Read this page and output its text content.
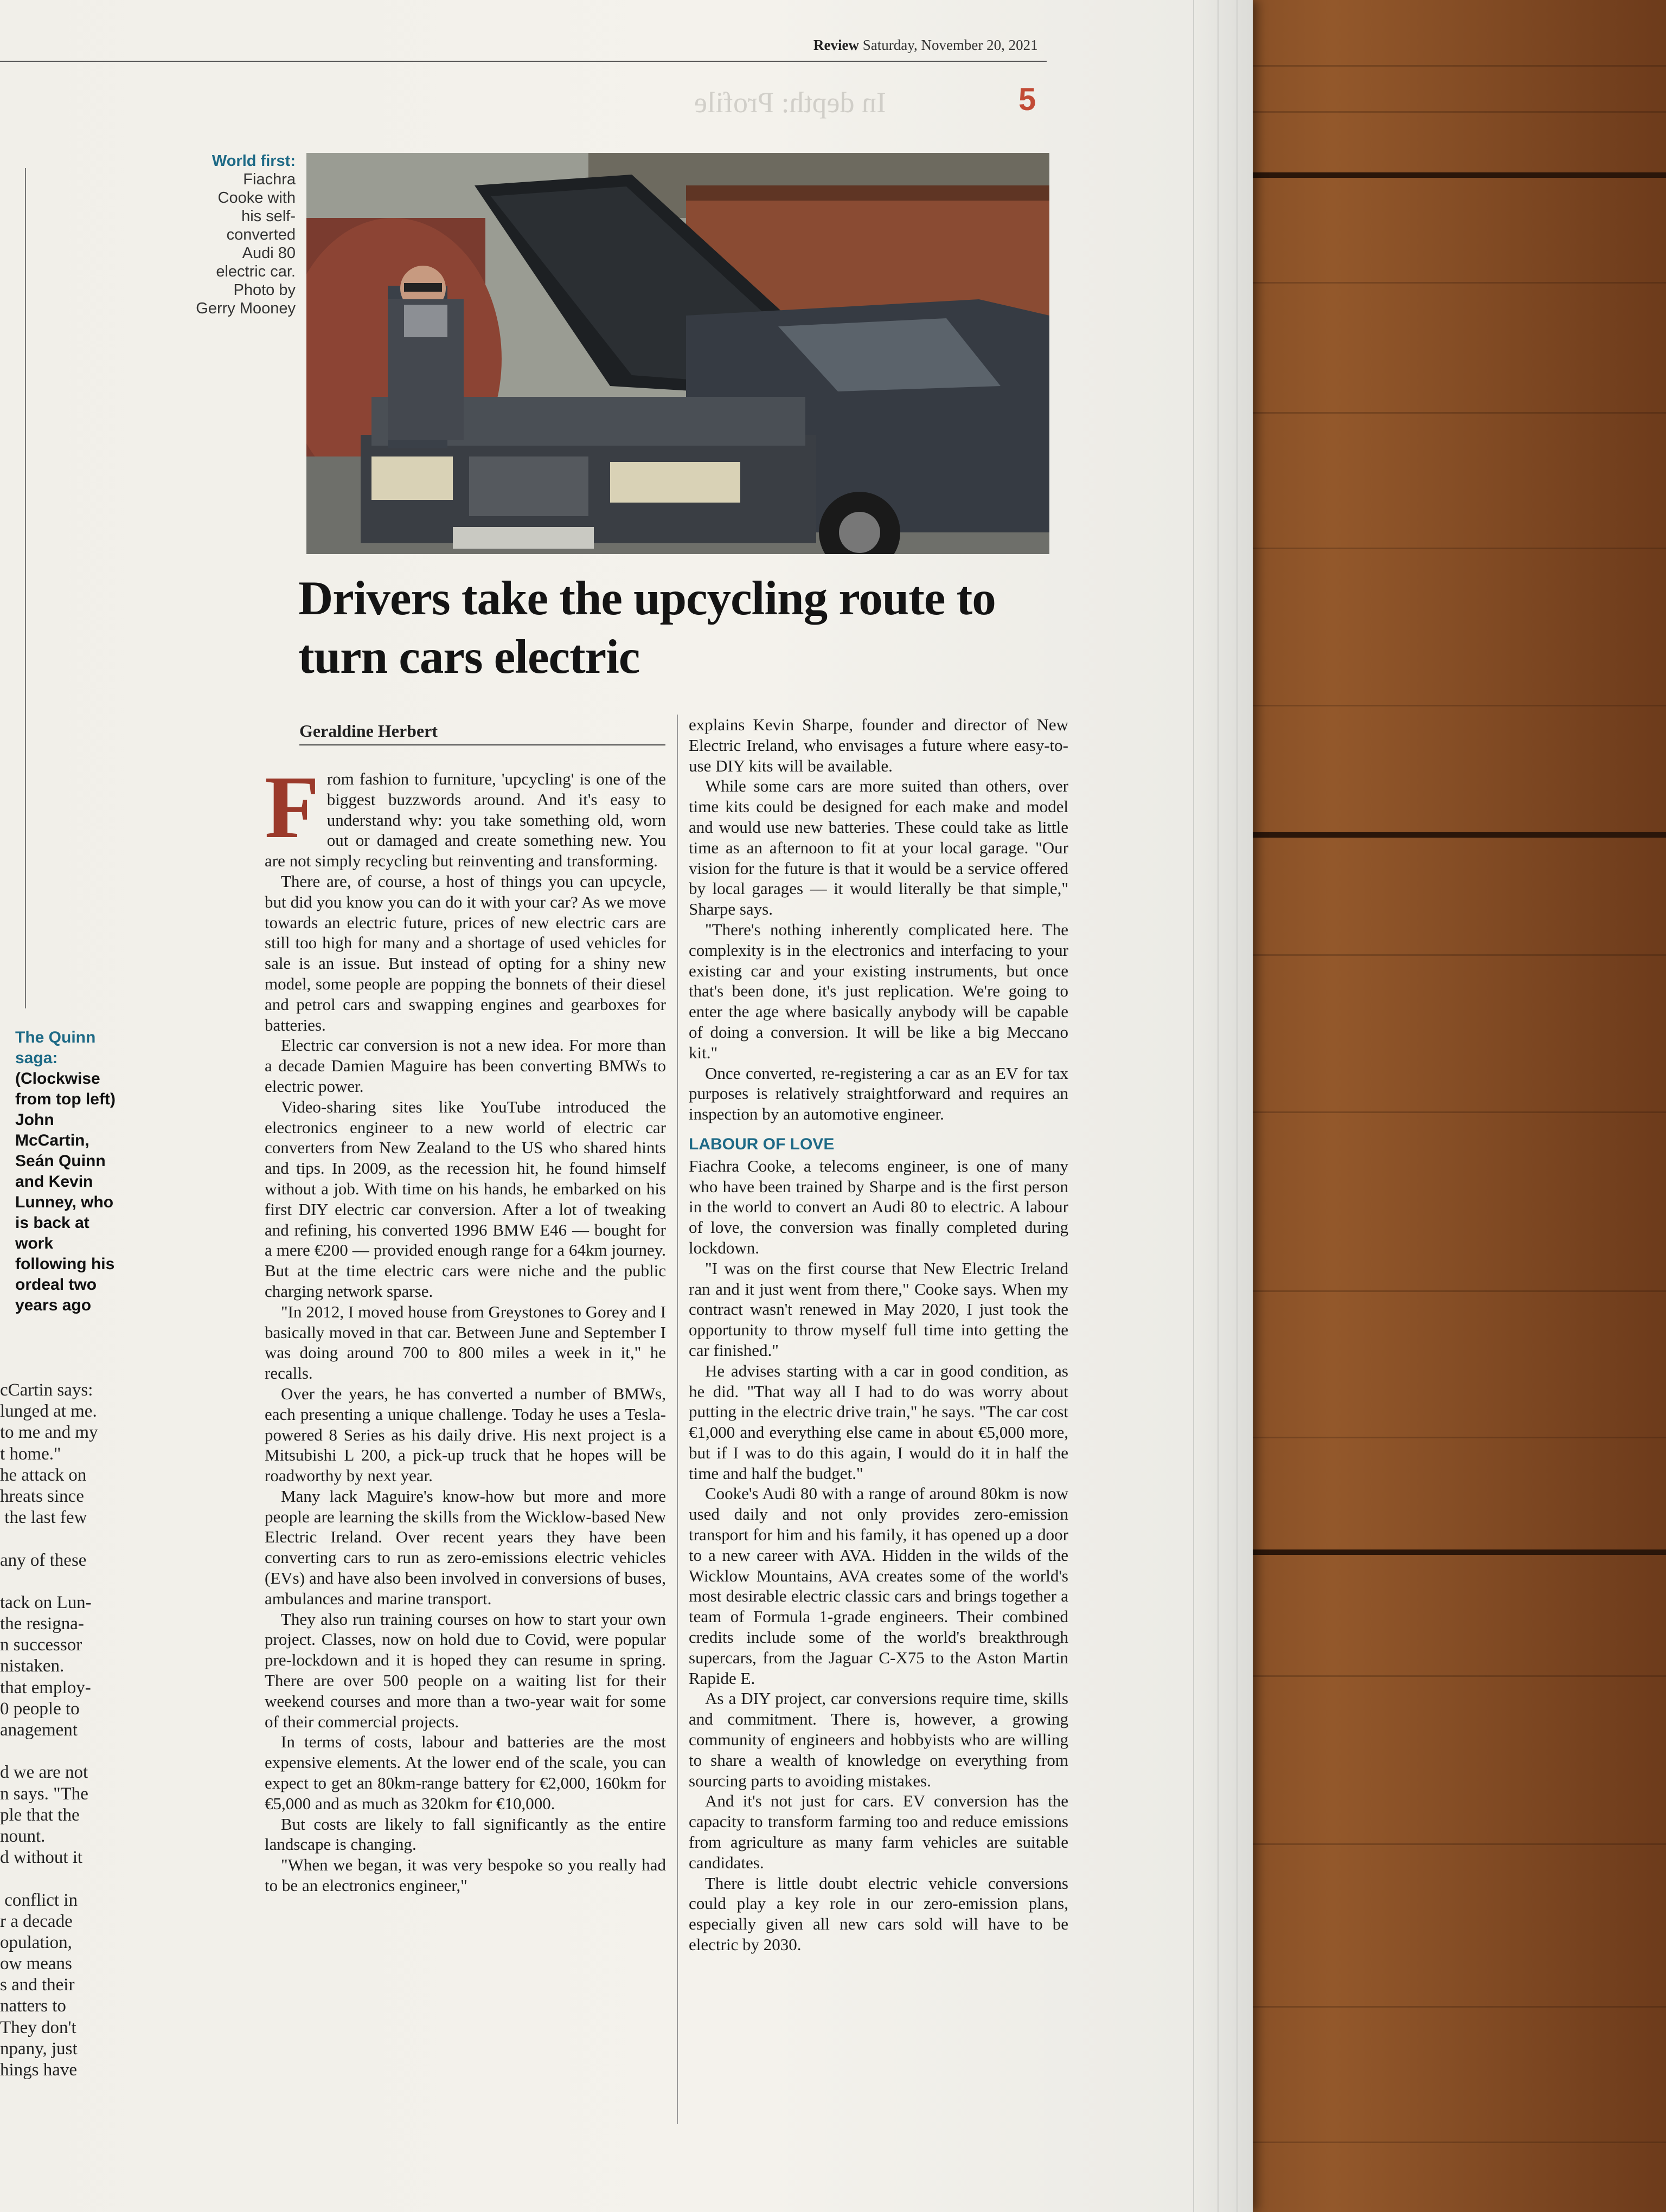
Review Saturday, November 20, 2021
In depth: Profile	5
The Quinn saga: (Clockwise from top left) John McCartin, Seán Quinn and Kevin Lunney, who is back at work following his ordeal two years ago
cCartin says:
lunged at me.
to me and my
t home."
he attack on
hreats since
the last few
any of these
tack on Lun-
the resigna-
n successor
nistaken.
that employ-
0 people to
anagement
d we are not
n says. "The
ple that the
nount.
d without it
conflict in
r a decade
opulation,
ow means
s and their
natters to
They don't
npany, just
hings have
World first:
Fiachra Cooke with his self-converted Audi 80 electric car. Photo by Gerry Mooney
Drivers take the upcycling route to turn cars electric
Geraldine Herbert
F rom fashion to furniture, 'upcycling' is one of the biggest buzzwords around. And it's easy to understand why: you take something old, worn out or damaged and create something new. You are not simply recycling but reinventing and transforming.

There are, of course, a host of things you can upcycle, but did you know you can do it with your car? As we move towards an electric future, prices of new electric cars are still too high for many and a shortage of used vehicles for sale is an issue. But instead of opting for a shiny new model, some people are popping the bonnets of their diesel and petrol cars and swapping engines and gearboxes for batteries.

Electric car conversion is not a new idea. For more than a decade Damien Maguire has been converting BMWs to electric power.

Video-sharing sites like YouTube introduced the electronics engineer to a new world of electric car converters from New Zealand to the US who shared hints and tips. In 2009, as the recession hit, he found himself without a job. With time on his hands, he embarked on his first DIY electric car conversion. After a lot of tweaking and refining, his converted 1996 BMW E46 — bought for a mere €200 — provided enough range for a 64km journey. But at the time electric cars were niche and the public charging network sparse.

"In 2012, I moved house from Greystones to Gorey and I basically moved in that car. Between June and September I was doing around 700 to 800 miles a week in it," he recalls.

Over the years, he has converted a number of BMWs, each presenting a unique challenge. Today he uses a Tesla-powered 8 Series as his daily drive. His next project is a Mitsubishi L 200, a pick-up truck that he hopes will be roadworthy by next year.

Many lack Maguire's know-how but more and more people are learning the skills from the Wicklow-based New Electric Ireland. Over recent years they have been converting cars to run as zero-emissions electric vehicles (EVs) and have also been involved in conversions of buses, ambulances and marine transport.

They also run training courses on how to start your own project. Classes, now on hold due to Covid, were popular pre-lockdown and it is hoped they can resume in spring. There are over 500 people on a waiting list for their weekend courses and more than a two-year wait for some of their commercial projects.

In terms of costs, labour and batteries are the most expensive elements. At the lower end of the scale, you can expect to get an 80km-range battery for €2,000, 160km for €5,000 and as much as 320km for €10,000.

But costs are likely to fall significantly as the entire landscape is changing.

"When we began, it was very bespoke so you really had to be an electronics engineer,"

explains Kevin Sharpe, founder and director of New Electric Ireland, who envisages a future where easy-to-use DIY kits will be available.

While some cars are more suited than others, over time kits could be designed for each make and model and would use new batteries. These could take as little time as an afternoon to fit at your local garage. "Our vision for the future is that it would be a service offered by local garages — it would literally be that simple," Sharpe says.

"There's nothing inherently complicated here. The complexity is in the electronics and interfacing to your existing car and your existing instruments, but once that's been done, it's just replication. We're going to enter the age where basically anybody will be capable of doing a conversion. It will be like a big Meccano kit."

Once converted, re-registering a car as an EV for tax purposes is relatively straightforward and requires an inspection by an automotive engineer.

LABOUR OF LOVE

Fiachra Cooke, a telecoms engineer, is one of many who have been trained by Sharpe and is the first person in the world to convert an Audi 80 to electric. A labour of love, the conversion was finally completed during lockdown.

"I was on the first course that New Electric Ireland ran and it just went from there," Cooke says. When my contract wasn't renewed in May 2020, I just took the opportunity to throw myself full time into getting the car finished."

He advises starting with a car in good condition, as he did. "That way all I had to do was worry about putting in the electric drive train," he says. "The car cost €1,000 and everything else came in about €5,000 more, but if I was to do this again, I would do it in half the time and half the budget."

Cooke's Audi 80 with a range of around 80km is now used daily and not only provides zero-emission transport for him and his family, it has opened up a door to a new career with AVA. Hidden in the wilds of the Wicklow Mountains, AVA creates some of the world's most desirable electric classic cars and brings together a team of Formula 1-grade engineers. Their combined credits include some of the world's breakthrough supercars, from the Jaguar C-X75 to the Aston Martin Rapide E.

As a DIY project, car conversions require time, skills and commitment. There is, however, a growing community of engineers and hobbyists who are willing to share a wealth of knowledge on everything from sourcing parts to avoiding mistakes.

And it's not just for cars. EV conversion has the capacity to transform farming too and reduce emissions from agriculture as many farm vehicles are suitable candidates.

There is little doubt electric vehicle conversions could play a key role in our zero-emission plans, especially given all new cars sold will have to be electric by 2030.
